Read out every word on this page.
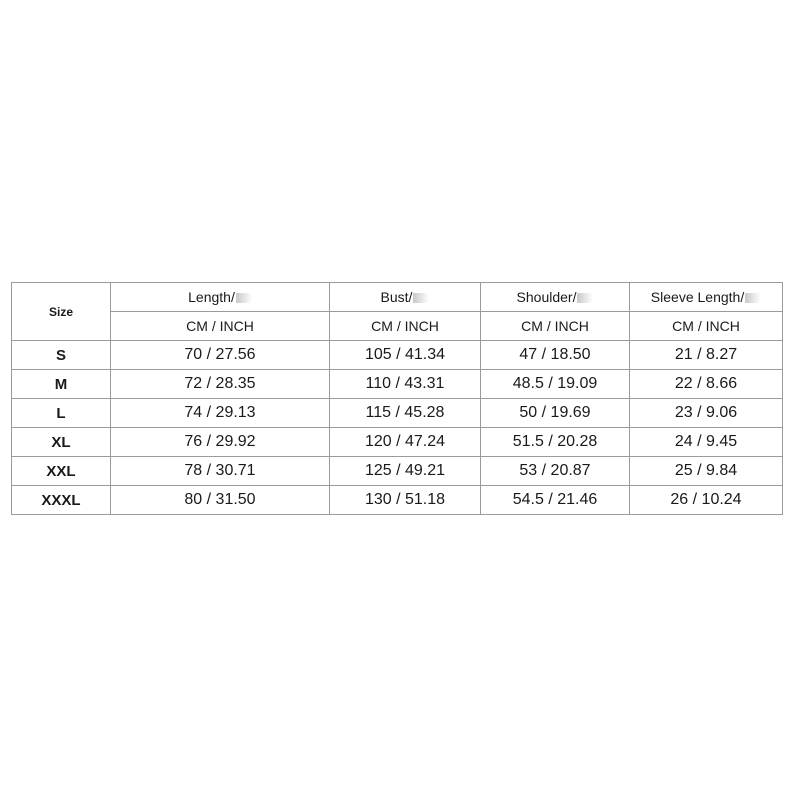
Size	Length/	Bust/	Shoulder/	Sleeve Length/
	CM / INCH	CM / INCH	CM / INCH	CM / INCH
S	70 / 27.56	105 / 41.34	47 / 18.50	21 / 8.27
M	72 / 28.35	110 / 43.31	48.5 / 19.09	22 / 8.66
L	74 / 29.13	115 / 45.28	50 / 19.69	23 / 9.06
XL	76 / 29.92	120 / 47.24	51.5 / 20.28	24 / 9.45
XXL	78 / 30.71	125 / 49.21	53 / 20.87	25 / 9.84
XXXL	80 / 31.50	130 / 51.18	54.5 / 21.46	26 / 10.24
